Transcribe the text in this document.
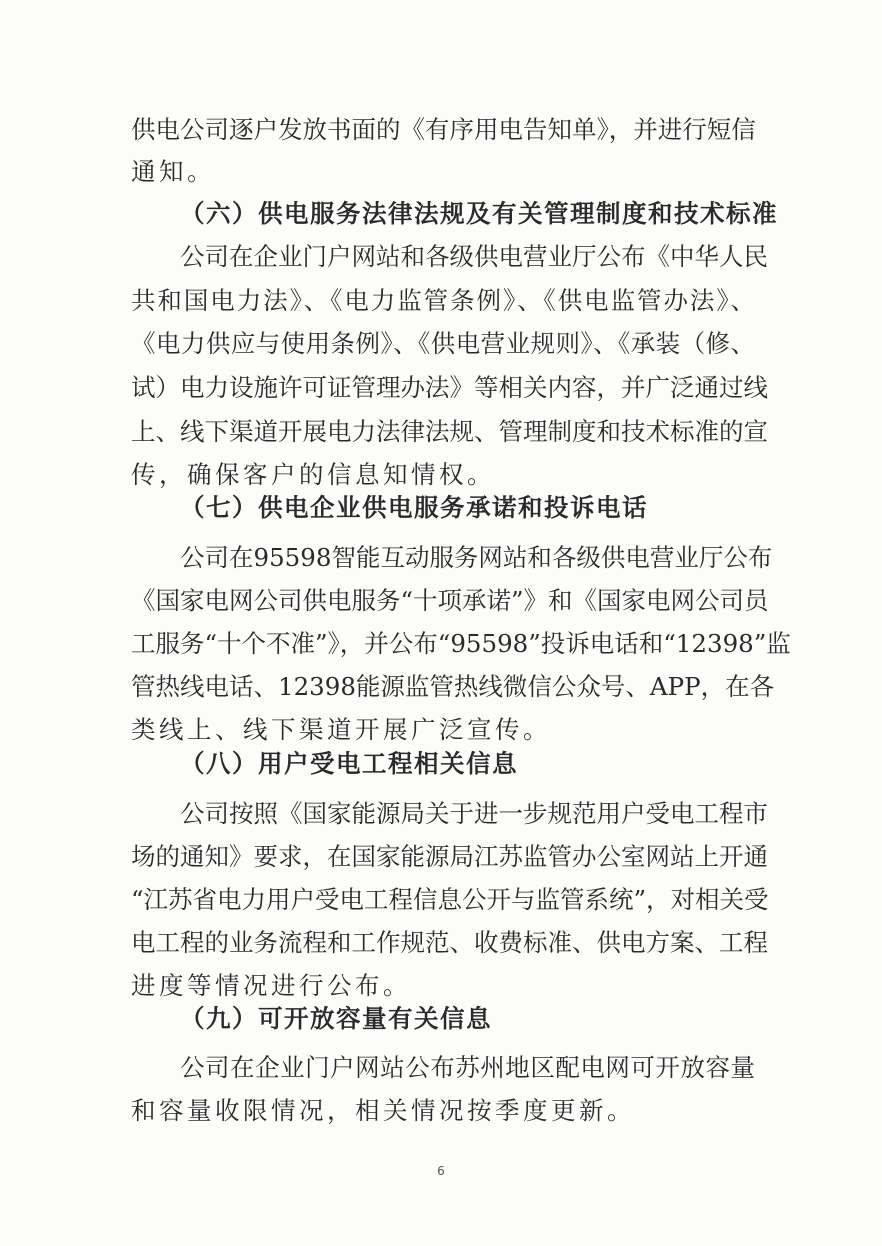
供电公司逐户发放书面的《有序用电告知单》，并进行短信
通知。
（六）供电服务法律法规及有关管理制度和技术标准
公司在企业门户网站和各级供电营业厅公布《中华人民
共和国电力法》、《电力监管条例》、《供电监管办法》、
《电力供应与使用条例》、《供电营业规则》、《承装（修、
试）电力设施许可证管理办法》等相关内容，并广泛通过线
上、线下渠道开展电力法律法规、管理制度和技术标准的宣
传，确保客户的信息知情权。
（七）供电企业供电服务承诺和投诉电话
公司在95598智能互动服务网站和各级供电营业厅公布
《国家电网公司供电服务“十项承诺”》和《国家电网公司员
工服务“十个不准”》，并公布“95598”投诉电话和“12398”监
管热线电话、12398能源监管热线微信公众号、APP，在各
类线上、线下渠道开展广泛宣传。
（八）用户受电工程相关信息
公司按照《国家能源局关于进一步规范用户受电工程市
场的通知》要求，在国家能源局江苏监管办公室网站上开通
“江苏省电力用户受电工程信息公开与监管系统”，对相关受
电工程的业务流程和工作规范、收费标准、供电方案、工程
进度等情况进行公布。
（九）可开放容量有关信息
公司在企业门户网站公布苏州地区配电网可开放容量
和容量收限情况，相关情况按季度更新。
6
